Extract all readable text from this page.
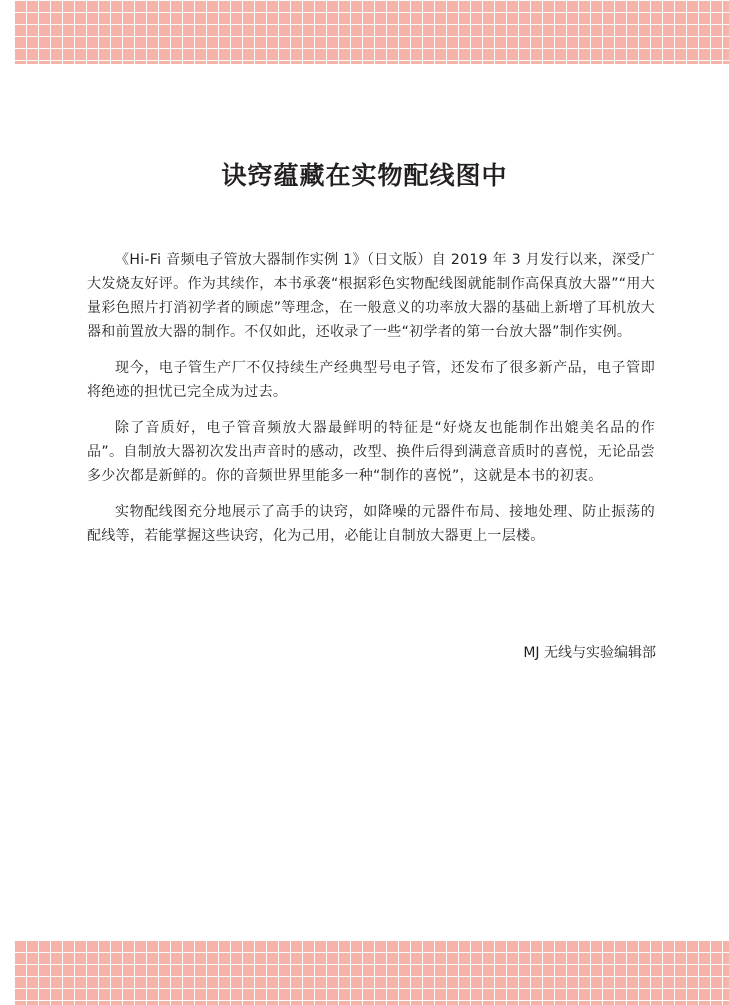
诀窍蕴藏在实物配线图中

《Hi-Fi 音频电子管放大器制作实例 1》（日文版）自 2019 年 3 月发行以来，深受广大发烧友好评。作为其续作，本书承袭“根据彩色实物配线图就能制作高保真放大器”“用大量彩色照片打消初学者的顾虑”等理念，在一般意义的功率放大器的基础上新增了耳机放大器和前置放大器的制作。不仅如此，还收录了一些“初学者的第一台放大器”制作实例。

现今，电子管生产厂不仅持续生产经典型号电子管，还发布了很多新产品，电子管即将绝迹的担忧已完全成为过去。

除了音质好，电子管音频放大器最鲜明的特征是“好烧友也能制作出媲美名品的作品”。自制放大器初次发出声音时的感动，改型、换件后得到满意音质时的喜悦，无论品尝多少次都是新鲜的。你的音频世界里能多一种“制作的喜悦”，这就是本书的初衷。

实物配线图充分地展示了高手的诀窍，如降噪的元器件布局、接地处理、防止振荡的配线等，若能掌握这些诀窍，化为己用，必能让自制放大器更上一层楼。

MJ 无线与实验编辑部
